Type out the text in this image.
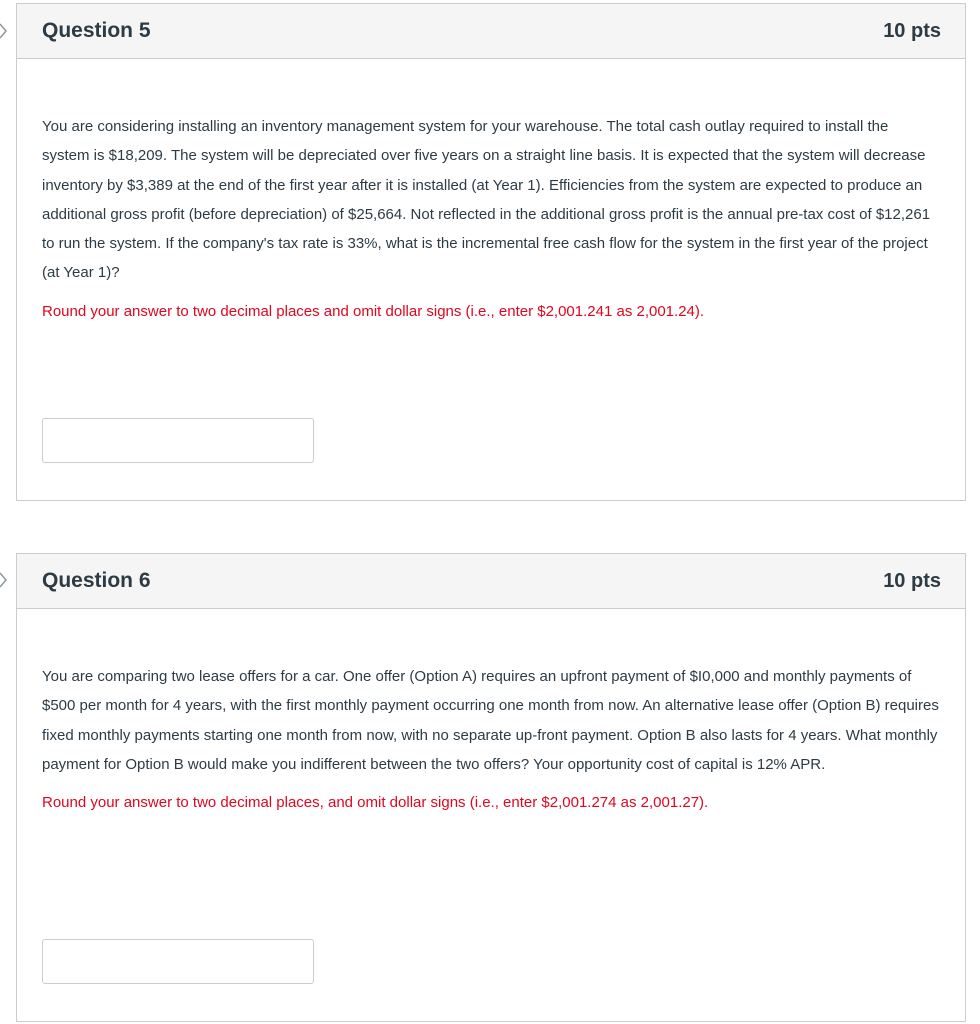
Question 5	10 pts

You are considering installing an inventory management system for your warehouse. The total cash outlay required to install the system is $18,209. The system will be depreciated over five years on a straight line basis. It is expected that the system will decrease inventory by $3,389 at the end of the first year after it is installed (at Year 1). Efficiencies from the system are expected to produce an additional gross profit (before depreciation) of $25,664. Not reflected in the additional gross profit is the annual pre-tax cost of $12,261 to run the system. If the company's tax rate is 33%, what is the incremental free cash flow for the system in the first year of the project (at Year 1)?

Round your answer to two decimal places and omit dollar signs (i.e., enter $2,001.241 as 2,001.24).

Question 6	10 pts

You are comparing two lease offers for a car. One offer (Option A) requires an upfront payment of $I0,000 and monthly payments of $500 per month for 4 years, with the first monthly payment occurring one month from now. An alternative lease offer (Option B) requires fixed monthly payments starting one month from now, with no separate up-front payment. Option B also lasts for 4 years. What monthly payment for Option B would make you indifferent between the two offers? Your opportunity cost of capital is 12% APR.

Round your answer to two decimal places, and omit dollar signs (i.e., enter $2,001.274 as 2,001.27).
